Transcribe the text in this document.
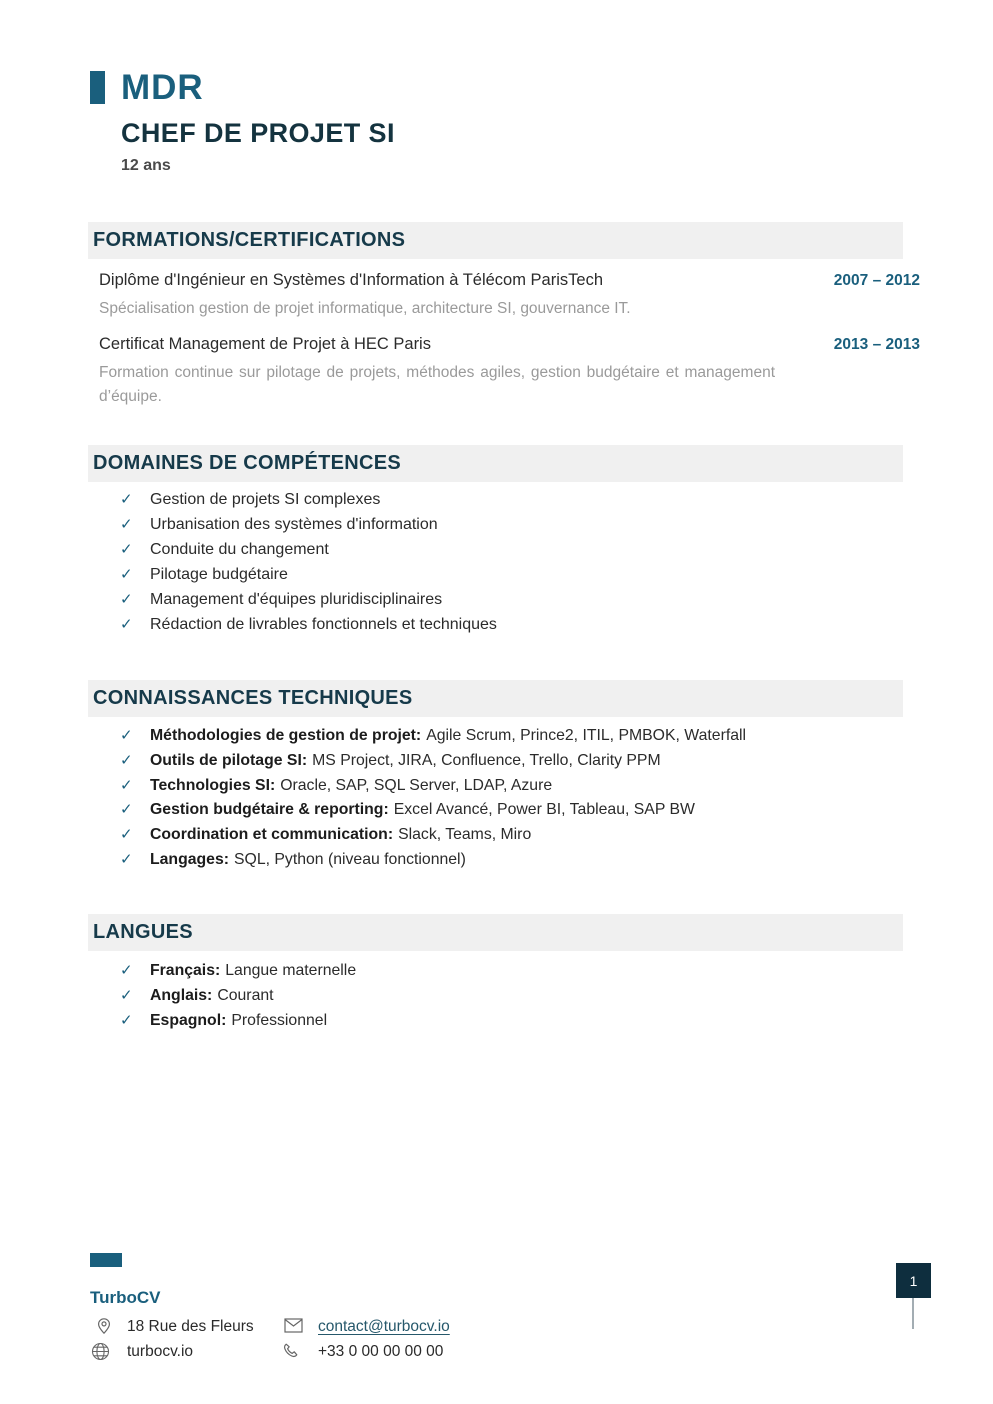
MDR
CHEF DE PROJET SI
12 ans
FORMATIONS/CERTIFICATIONS
Diplôme d'Ingénieur en Systèmes d'Information à Télécom ParisTech	2007 – 2012
Spécialisation gestion de projet informatique, architecture SI, gouvernance IT.
Certificat Management de Projet à HEC Paris	2013 – 2013
Formation continue sur pilotage de projets, méthodes agiles, gestion budgétaire et management d’équipe.
DOMAINES DE COMPÉTENCES
✓ Gestion de projets SI complexes
✓ Urbanisation des systèmes d'information
✓ Conduite du changement
✓ Pilotage budgétaire
✓ Management d'équipes pluridisciplinaires
✓ Rédaction de livrables fonctionnels et techniques
CONNAISSANCES TECHNIQUES
✓ Méthodologies de gestion de projet: Agile Scrum, Prince2, ITIL, PMBOK, Waterfall
✓ Outils de pilotage SI: MS Project, JIRA, Confluence, Trello, Clarity PPM
✓ Technologies SI: Oracle, SAP, SQL Server, LDAP, Azure
✓ Gestion budgétaire & reporting: Excel Avancé, Power BI, Tableau, SAP BW
✓ Coordination et communication: Slack, Teams, Miro
✓ Langages: SQL, Python (niveau fonctionnel)
LANGUES
✓ Français: Langue maternelle
✓ Anglais: Courant
✓ Espagnol: Professionnel
TurboCV
18 Rue des Fleurs	contact@turbocv.io
turbocv.io	+33 0 00 00 00 00
1
